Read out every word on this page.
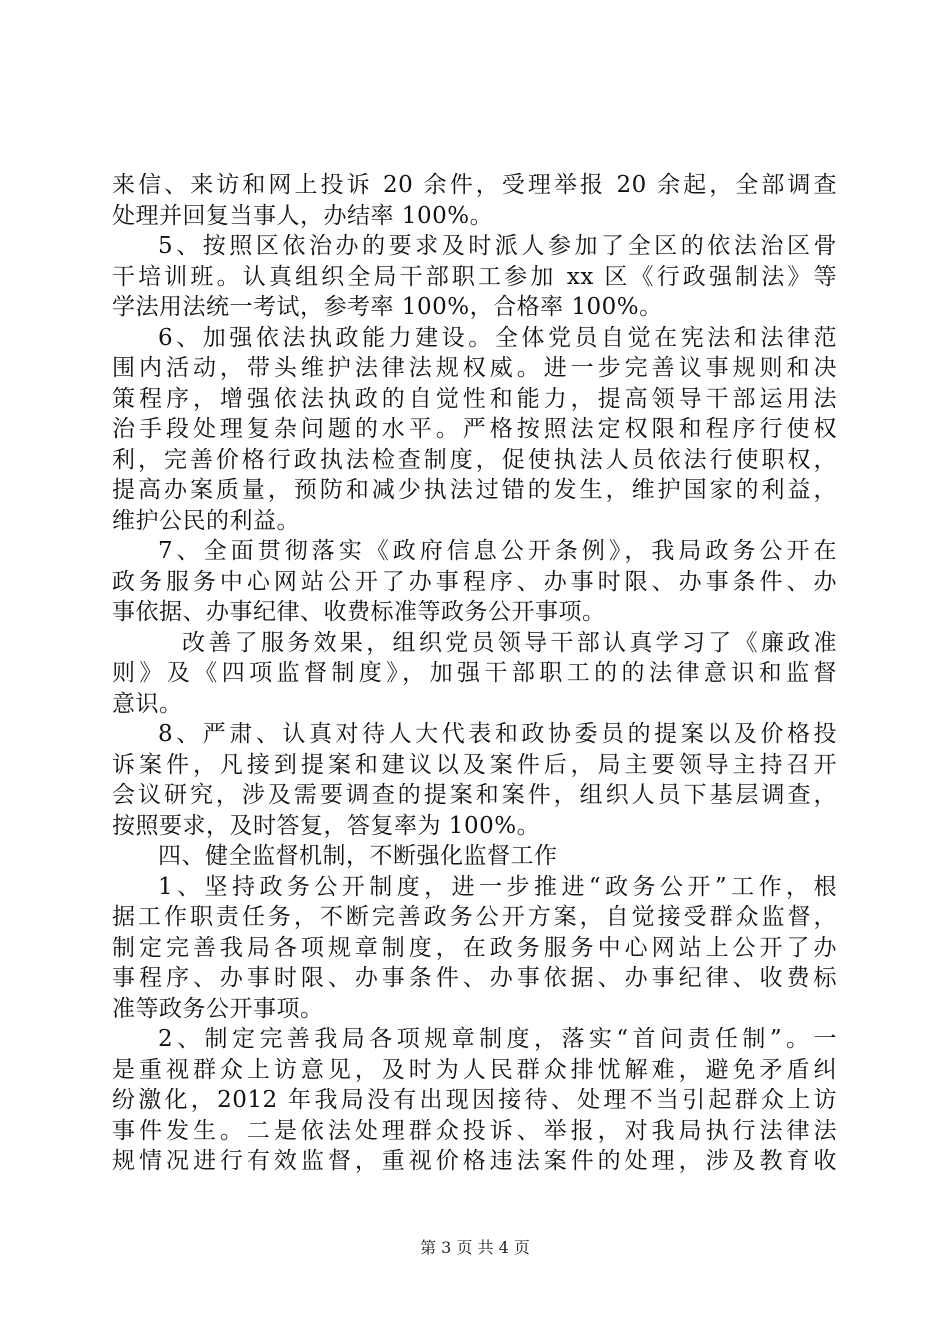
来信、来访和网上投诉 20 余件，受理举报 20 余起，全部调查
处理并回复当事人，办结率 100%。
5、按照区依治办的要求及时派人参加了全区的依法治区骨
干培训班。认真组织全局干部职工参加 xx 区《行政强制法》等
学法用法统一考试，参考率 100%，合格率 100%。
6、加强依法执政能力建设。全体党员自觉在宪法和法律范
围内活动，带头维护法律法规权威。进一步完善议事规则和决
策程序，增强依法执政的自觉性和能力，提高领导干部运用法
治手段处理复杂问题的水平。严格按照法定权限和程序行使权
利，完善价格行政执法检查制度，促使执法人员依法行使职权，
提高办案质量，预防和减少执法过错的发生，维护国家的利益，
维护公民的利益。
7、全面贯彻落实《政府信息公开条例》，我局政务公开在
政务服务中心网站公开了办事程序、办事时限、办事条件、办
事依据、办事纪律、收费标准等政务公开事项。
改善了服务效果，组织党员领导干部认真学习了《廉政准
则》及《四项监督制度》，加强干部职工的的法律意识和监督
意识。
8、严肃、认真对待人大代表和政协委员的提案以及价格投
诉案件，凡接到提案和建议以及案件后，局主要领导主持召开
会议研究，涉及需要调查的提案和案件，组织人员下基层调查，
按照要求，及时答复，答复率为 100%。
四、健全监督机制，不断强化监督工作
1、坚持政务公开制度，进一步推进“政务公开”工作，根
据工作职责任务，不断完善政务公开方案，自觉接受群众监督，
制定完善我局各项规章制度，在政务服务中心网站上公开了办
事程序、办事时限、办事条件、办事依据、办事纪律、收费标
准等政务公开事项。
2、制定完善我局各项规章制度，落实“首问责任制”。一
是重视群众上访意见，及时为人民群众排忧解难，避免矛盾纠
纷激化，2012 年我局没有出现因接待、处理不当引起群众上访
事件发生。二是依法处理群众投诉、举报，对我局执行法律法
规情况进行有效监督，重视价格违法案件的处理，涉及教育收
第 3 页 共 4 页
